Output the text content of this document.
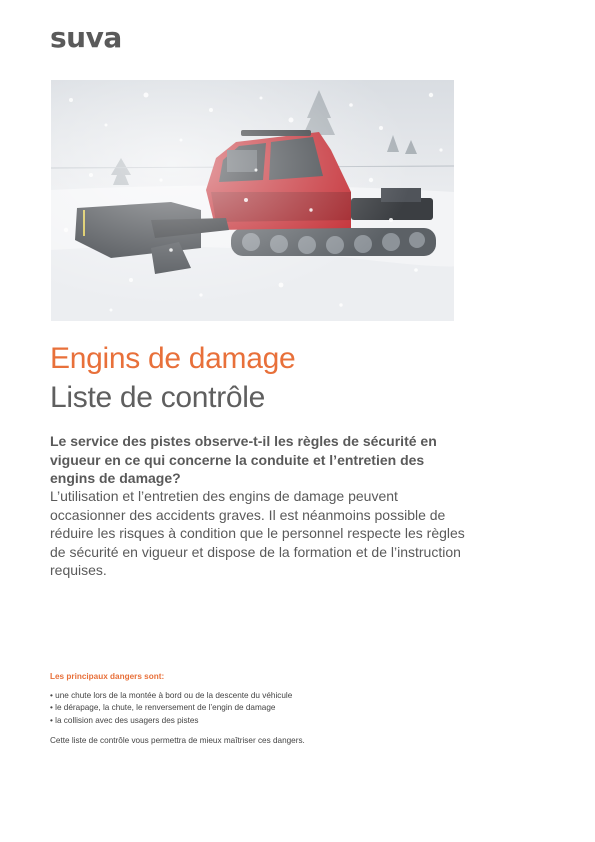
suva
Engins de damage
Liste de contrôle

Le service des pistes observe-t-il les règles de sécurité en vigueur en ce qui concerne la conduite et l’entretien des engins de damage?

L’utilisation et l’entretien des engins de damage peuvent occasionner des accidents graves. Il est néanmoins possible de réduire les risques à condition que le personnel respecte les règles de sécurité en vigueur et dispose de la formation et de l’instruction requises.

Les principaux dangers sont:

• une chute lors de la montée à bord ou de la descente du véhicule
• le dérapage, la chute, le renversement de l’engin de damage
• la collision avec des usagers des pistes

Cette liste de contrôle vous permettra de mieux maîtriser ces dangers.
